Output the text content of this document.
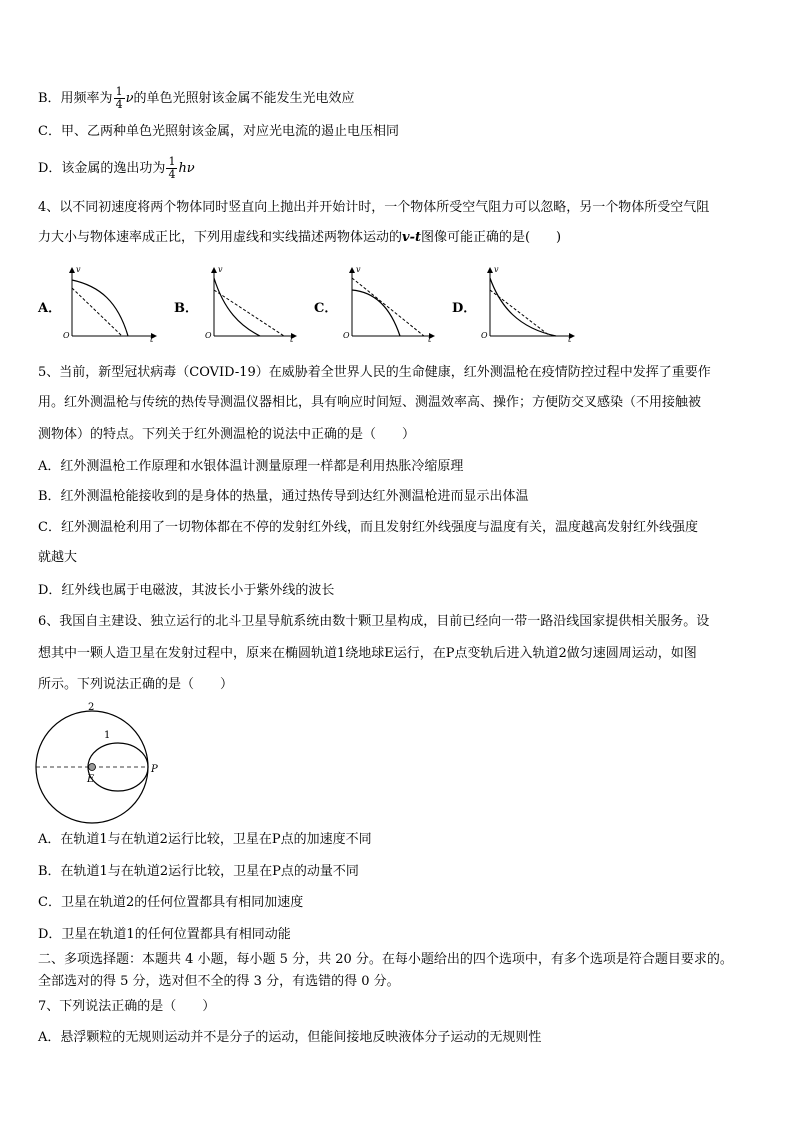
B．用频率为 $\frac{1}{4}$ ν的单色光照射该金属不能发生光电效应
C．甲、乙两种单色光照射该金属，对应光电流的遏止电压相同
D．该金属的逸出功为 $\frac{1}{4}$ hν
4、以不同初速度将两个物体同时竖直向上抛出并开始计时，一个物体所受空气阻力可以忽略，另一个物体所受空气阻
力大小与物体速率成正比，下列用虚线和实线描述两物体运动的v-t图像可能正确的是(　　)
A．	B．	C．	D．
v
t
O
v
t
O
v
t
O
v
t
O
5、当前，新型冠状病毒（COVID-19）在威胁着全世界人民的生命健康，红外测温枪在疫情防控过程中发挥了重要作
用。红外测温枪与传统的热传导测温仪器相比，具有响应时间短、测温效率高、操作；方便防交叉感染（不用接触被
测物体）的特点。下列关于红外测温枪的说法中正确的是（　　）
A．红外测温枪工作原理和水银体温计测量原理一样都是利用热胀冷缩原理
B．红外测温枪能接收到的是身体的热量，通过热传导到达红外测温枪进而显示出体温
C．红外测温枪利用了一切物体都在不停的发射红外线，而且发射红外线强度与温度有关，温度越高发射红外线强度
就越大
D．红外线也属于电磁波，其波长小于紫外线的波长
6、我国自主建设、独立运行的北斗卫星导航系统由数十颗卫星构成，目前已经向一带一路沿线国家提供相关服务。设
想其中一颗人造卫星在发射过程中，原来在椭圆轨道1绕地球E运行，在P点变轨后进入轨道2做匀速圆周运动，如图
所示。下列说法正确的是（　　）
2
1
E
P
A．在轨道1与在轨道2运行比较，卫星在P点的加速度不同
B．在轨道1与在轨道2运行比较，卫星在P点的动量不同
C．卫星在轨道2的任何位置都具有相同加速度
D．卫星在轨道1的任何位置都具有相同动能
二、多项选择题：本题共 4 小题，每小题 5 分，共 20 分。在每小题给出的四个选项中，有多个选项是符合题目要求的。
全部选对的得 5 分，选对但不全的得 3 分，有选错的得 0 分。
7、下列说法正确的是（　　）
A．悬浮颗粒的无规则运动并不是分子的运动，但能间接地反映液体分子运动的无规则性
